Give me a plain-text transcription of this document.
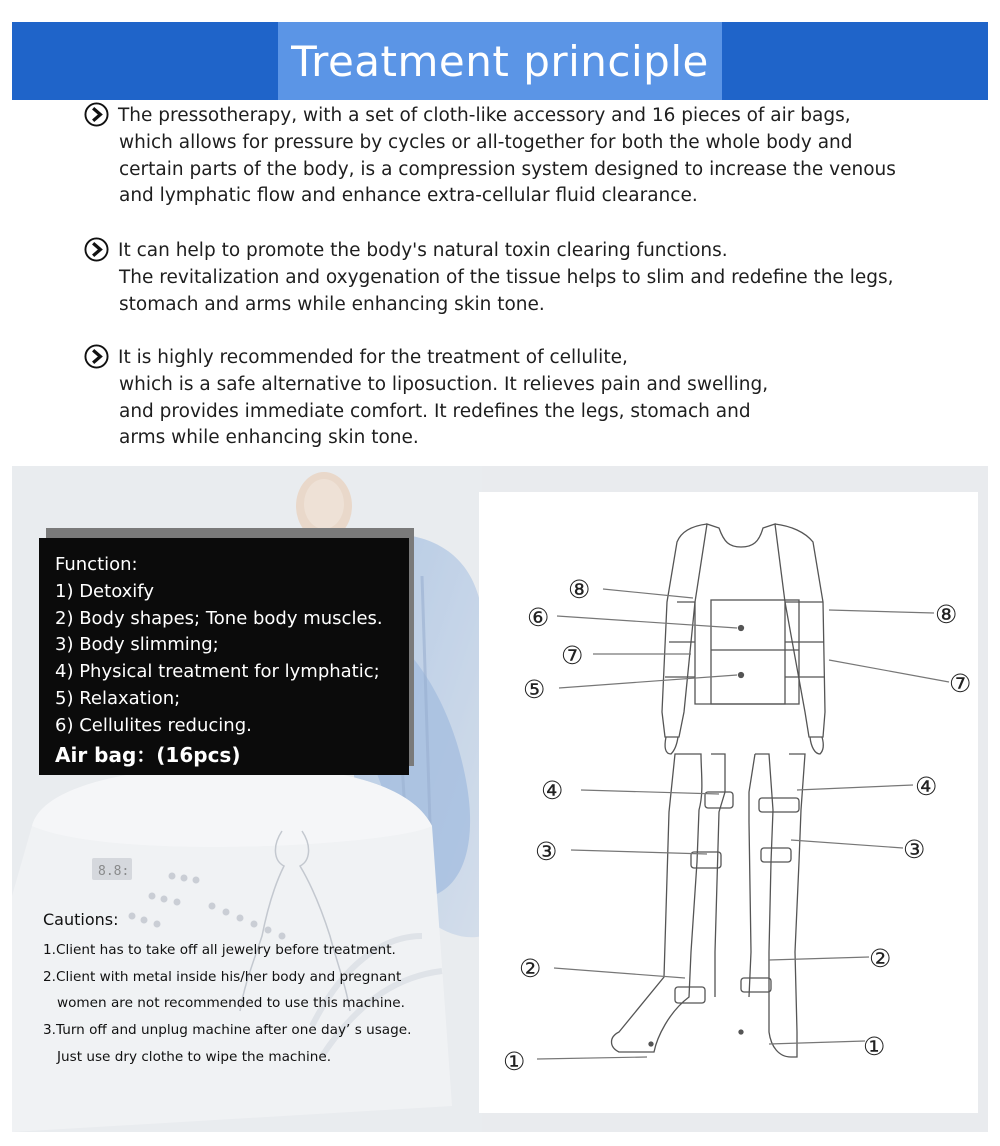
Treatment principle
The pressotherapy, with a set of cloth-like accessory and 16 pieces of air bags,
which allows for pressure by cycles or all-together for both the whole body and
certain parts of the body, is a compression system designed to increase the venous
and lymphatic flow and enhance extra-cellular fluid clearance.
It can help to promote the body's natural toxin clearing functions.
The revitalization and oxygenation of the tissue helps to slim and redefine the legs,
stomach and arms while enhancing skin tone.
It is highly recommended for the treatment of cellulite,
which is a safe alternative to liposuction. It relieves pain and swelling,
and provides immediate comfort. It redefines the legs, stomach and
arms while enhancing skin tone.
8.8:
Function:
1) Detoxify
2) Body shapes; Tone body muscles.
3) Body slimming;
4) Physical treatment for lymphatic;
5) Relaxation;
6) Cellulites reducing.
Air bag：(16pcs)
Cautions:
1.Client has to take off all jewelry before treatment.
2.Client with metal inside his/her body and pregnant
women are not recommended to use this machine.
3.Turn off and unplug machine after one day’ s usage.
Just use dry clothe to wipe the machine.
⑧
⑥
⑦
⑤
④
③
②
①
⑧
⑦
④
③
②
①
